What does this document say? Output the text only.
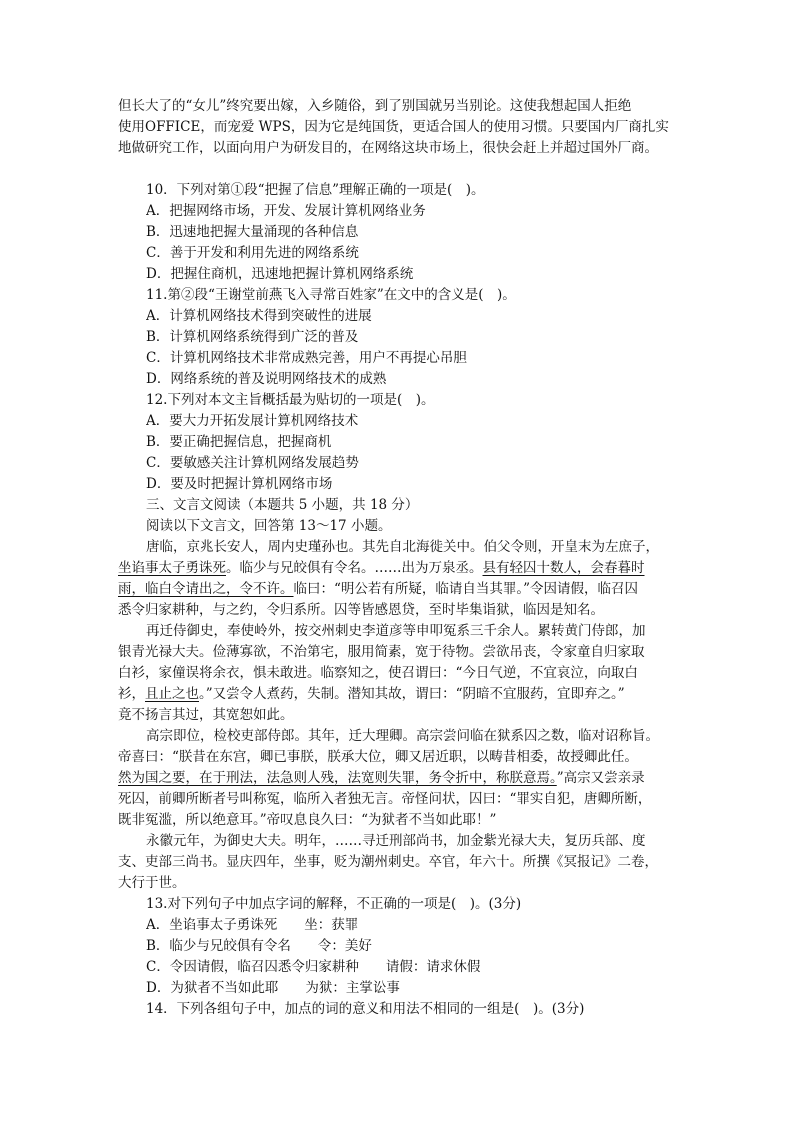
但长大了的“女儿”终究要出嫁，入乡随俗，到了别国就另当别论。这使我想起国人拒绝
使用OFFICE，而宠爱 WPS，因为它是纯国货，更适合国人的使用习惯。只要国内厂商扎实
地做研究工作，以面向用户为研发目的，在网络这块市场上，很快会赶上并超过国外厂商。
10．下列对第①段“把握了信息”理解正确的一项是(　)。
A．把握网络市场，开发、发展计算机网络业务
B．迅速地把握大量涌现的各种信息
C．善于开发和利用先进的网络系统
D．把握住商机，迅速地把握计算机网络系统
11.第②段“王谢堂前燕飞入寻常百姓家”在文中的含义是(　)。
A．计算机网络技术得到突破性的进展
B．计算机网络系统得到广泛的普及
C．计算机网络技术非常成熟完善，用户不再提心吊胆
D．网络系统的普及说明网络技术的成熟
12.下列对本文主旨概括最为贴切的一项是(　)。
A．要大力开拓发展计算机网络技术
B．要正确把握信息，把握商机
C．要敏感关注计算机网络发展趋势
D．要及时把握计算机网络市场
三、文言文阅读（本题共 5 小题，共 18 分）
阅读以下文言文，回答第 13～17 小题。
唐临，京兆长安人，周内史瑾孙也。其先自北海徙关中。伯父令则，开皇末为左庶子，
坐谄事太子勇诛死。临少与兄皎俱有令名。……出为万泉丞。县有轻囚十数人，会春暮时
雨，临白令请出之，令不许。临曰：“明公若有所疑，临请自当其罪。”令因请假，临召囚
悉令归家耕种，与之约，令归系所。囚等皆感恩贷，至时毕集诣狱，临因是知名。
再迁侍御史，奉使岭外，按交州刺史李道彦等申叩冤系三千余人。累转黄门侍郎，加
银青光禄大夫。俭薄寡欲，不治第宅，服用简素，宽于待物。尝欲吊丧，令家童自归家取
白衫，家僮误将余衣，惧未敢进。临察知之，使召谓曰：“今日气逆，不宜哀泣，向取白
衫，且止之也。”又尝令人煮药，失制。潜知其故，谓曰：“阴暗不宜服药，宜即弃之。”
竟不扬言其过，其宽恕如此。
高宗即位，检校吏部侍郎。其年，迁大理卿。高宗尝问临在狱系囚之数，临对诏称旨。
帝喜曰：“朕昔在东宫，卿已事朕，朕承大位，卿又居近职，以畴昔相委，故授卿此任。
然为国之要，在于刑法，法急则人残，法宽则失罪，务令折中，称朕意焉。”高宗又尝亲录
死囚，前卿所断者号叫称冤，临所入者独无言。帝怪问状，囚曰：“罪实自犯，唐卿所断，
既非冤滥，所以绝意耳。”帝叹息良久曰：“为狱者不当如此耶！”
永徽元年，为御史大夫。明年，……寻迁刑部尚书，加金紫光禄大夫，复历兵部、度
支、吏部三尚书。显庆四年，坐事，贬为潮州刺史。卒官，年六十。所撰《冥报记》二卷，
大行于世。
13.对下列句子中加点字词的解释，不正确的一项是(　)。(3分)
A．坐谄事太子勇诛死　　坐：获罪
B．临少与兄皎俱有令名　　令：美好
C．令因请假，临召囚悉令归家耕种　　请假：请求休假
D．为狱者不当如此耶　　为狱：主掌讼事
14．下列各组句子中，加点的词的意义和用法不相同的一组是(　)。(3分)
